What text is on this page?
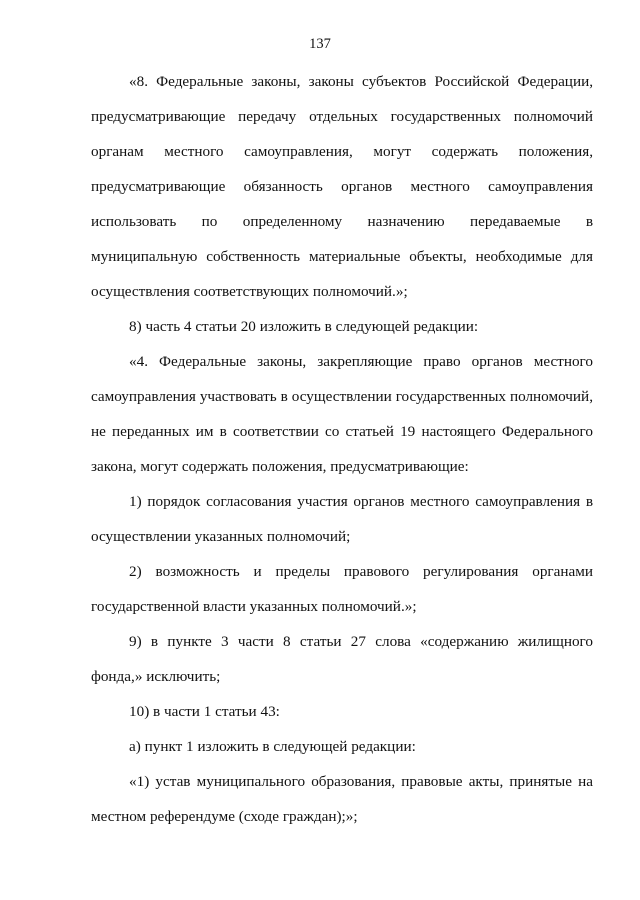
137

«8. Федеральные законы, законы субъектов Российской Федерации, предусматривающие передачу отдельных государственных полномочий органам местного самоуправления, могут содержать положения, предусматривающие обязанность органов местного самоуправления использовать по определенному назначению передаваемые в муниципальную собственность материальные объекты, необходимые для осуществления соответствующих полномочий.»;

8) часть 4 статьи 20 изложить в следующей редакции:

«4. Федеральные законы, закрепляющие право органов местного самоуправления участвовать в осуществлении государственных полномочий, не переданных им в соответствии со статьей 19 настоящего Федерального закона, могут содержать положения, предусматривающие:

1) порядок согласования участия органов местного самоуправления в осуществлении указанных полномочий;

2) возможность и пределы правового регулирования органами государственной власти указанных полномочий.»;

9) в пункте 3 части 8 статьи 27 слова «содержанию жилищного фонда,» исключить;

10) в части 1 статьи 43:

а) пункт 1 изложить в следующей редакции:

«1) устав муниципального образования, правовые акты, принятые на местном референдуме (сходе граждан);»;
